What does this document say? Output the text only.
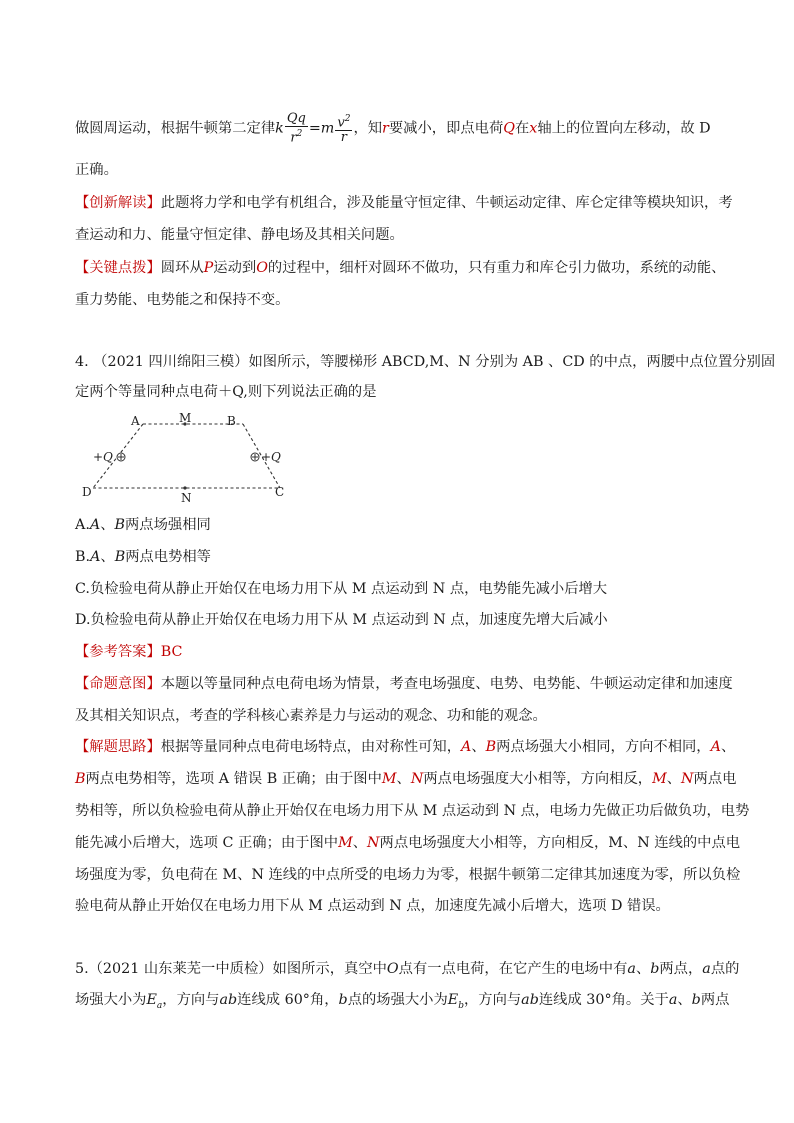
做圆周运动，根据牛顿第二定律k $\frac{Qq}{r^2} =m \frac{v^2}{r}$ ，知r要减小，即点电荷Q在x轴上的位置向左移动，故 D
正确。
【创新解读】此题将力学和电学有机组合，涉及能量守恒定律、牛顿运动定律、库仑定律等模块知识，考
查运动和力、能量守恒定律、静电场及其相关问题。
【关键点拨】圆环从P运动到O的过程中，细杆对圆环不做功，只有重力和库仑引力做功，系统的动能、
重力势能、电势能之和保持不变。
4. （2021 四川绵阳三模）如图所示，等腰梯形 ABCD,M、N 分别为 AB 、CD 的中点，两腰中点位置分别固
定两个等量同种点电荷＋Q,则下列说法正确的是
A	M	B
D	N	C
+Q	+Q
A.A、B两点场强相同
B.A、B两点电势相等
C.负检验电荷从静止开始仅在电场力用下从 M 点运动到 N 点，电势能先减小后增大
D.负检验电荷从静止开始仅在电场力用下从 M 点运动到 N 点，加速度先增大后减小
【参考答案】BC
【命题意图】本题以等量同种点电荷电场为情景，考查电场强度、电势、电势能、牛顿运动定律和加速度
及其相关知识点，考查的学科核心素养是力与运动的观念、功和能的观念。
【解题思路】根据等量同种点电荷电场特点，由对称性可知，A、B两点场强大小相同，方向不相同，A、
B两点电势相等，选项 A 错误 B 正确；由于图中M、N两点电场强度大小相等，方向相反，M、N两点电
势相等，所以负检验电荷从静止开始仅在电场力用下从 M 点运动到 N 点，电场力先做正功后做负功，电势
能先减小后增大，选项 C 正确；由于图中M、N两点电场强度大小相等，方向相反，M、N 连线的中点电
场强度为零，负电荷在 M、N 连线的中点所受的电场力为零，根据牛顿第二定律其加速度为零，所以负检
验电荷从静止开始仅在电场力用下从 M 点运动到 N 点，加速度先减小后增大，选项 D 错误。
5.（2021 山东莱芜一中质检）如图所示，真空中O点有一点电荷，在它产生的电场中有a、b两点，a点的
场强大小为$E_a$，方向与ab连线成 60°角，b点的场强大小为$E_b$，方向与ab连线成 30°角。关于a、b两点
